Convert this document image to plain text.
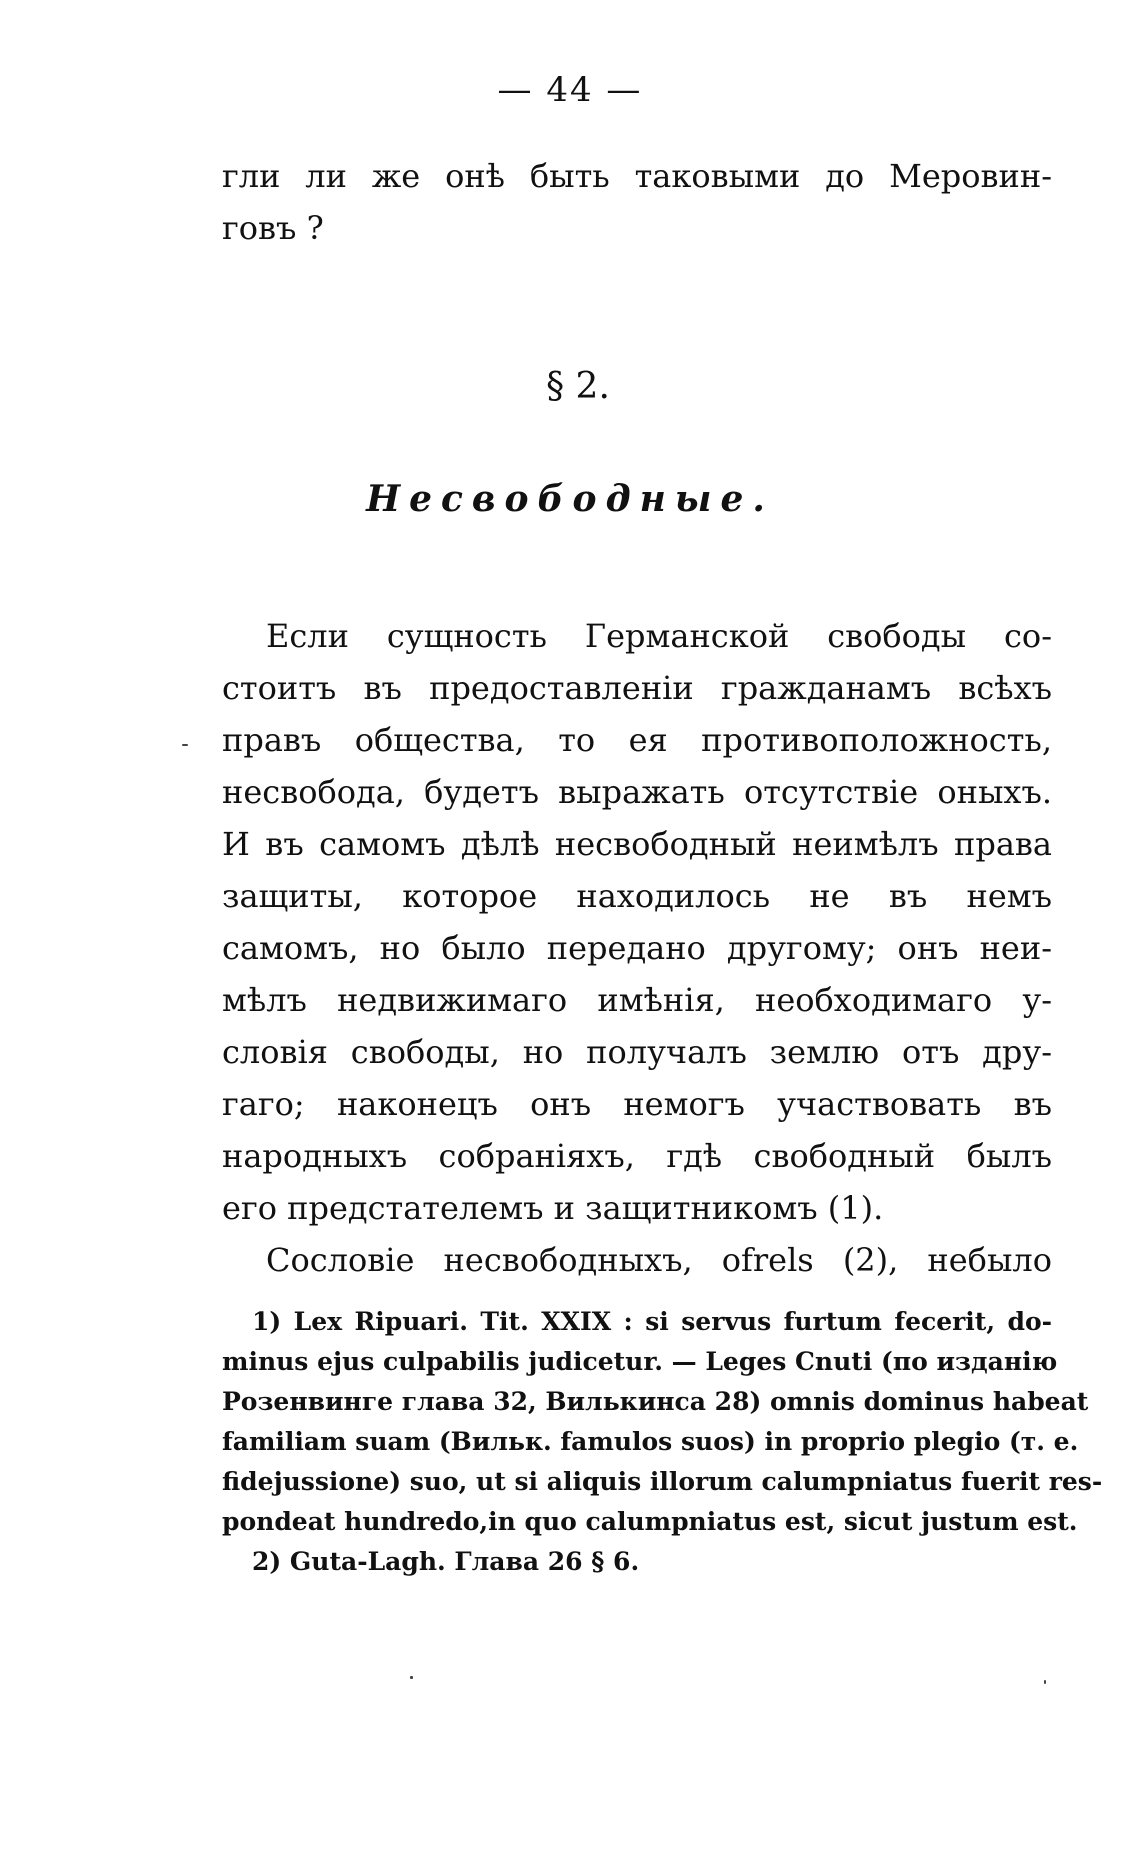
— 44 —
гли ли же онѣ быть таковыми до Меровин-
говъ ?
§ 2.
Несвободные.
Если сущность Германской свободы со-
стоитъ въ предоставленіи гражданамъ всѣхъ
правъ общества, то ея противоположность,
несвобода, будетъ выражать отсутствіе оныхъ.
И въ самомъ дѣлѣ несвободный неимѣлъ права
защиты, которое находилось не въ немъ
самомъ, но было передано другому; онъ неи-
мѣлъ недвижимаго имѣнія, необходимаго у-
словія свободы, но получалъ землю отъ дру-
гаго; наконецъ онъ немогъ участвовать въ
народныхъ собраніяхъ, гдѣ свободный былъ
его предстателемъ и защитникомъ (1).
Сословіе несвободныхъ, ofrels (2), небыло
1) Lex Ripuari. Tit. XXIX : si servus furtum fecerit, do-
minus ejus culpabilis judicetur. — Leges Cnuti (по изданію
Розенвинге глава 32, Вилькинса 28) omnis dominus habeat
familiam suam (Вильк. famulos suos) in proprio plegio (т. е.
fidejussione) suo, ut si aliquis illorum calumpniatus fuerit res-
pondeat hundredo,in quo calumpniatus est, sicut justum est.
2) Guta-Lagh. Глава 26 § 6.
